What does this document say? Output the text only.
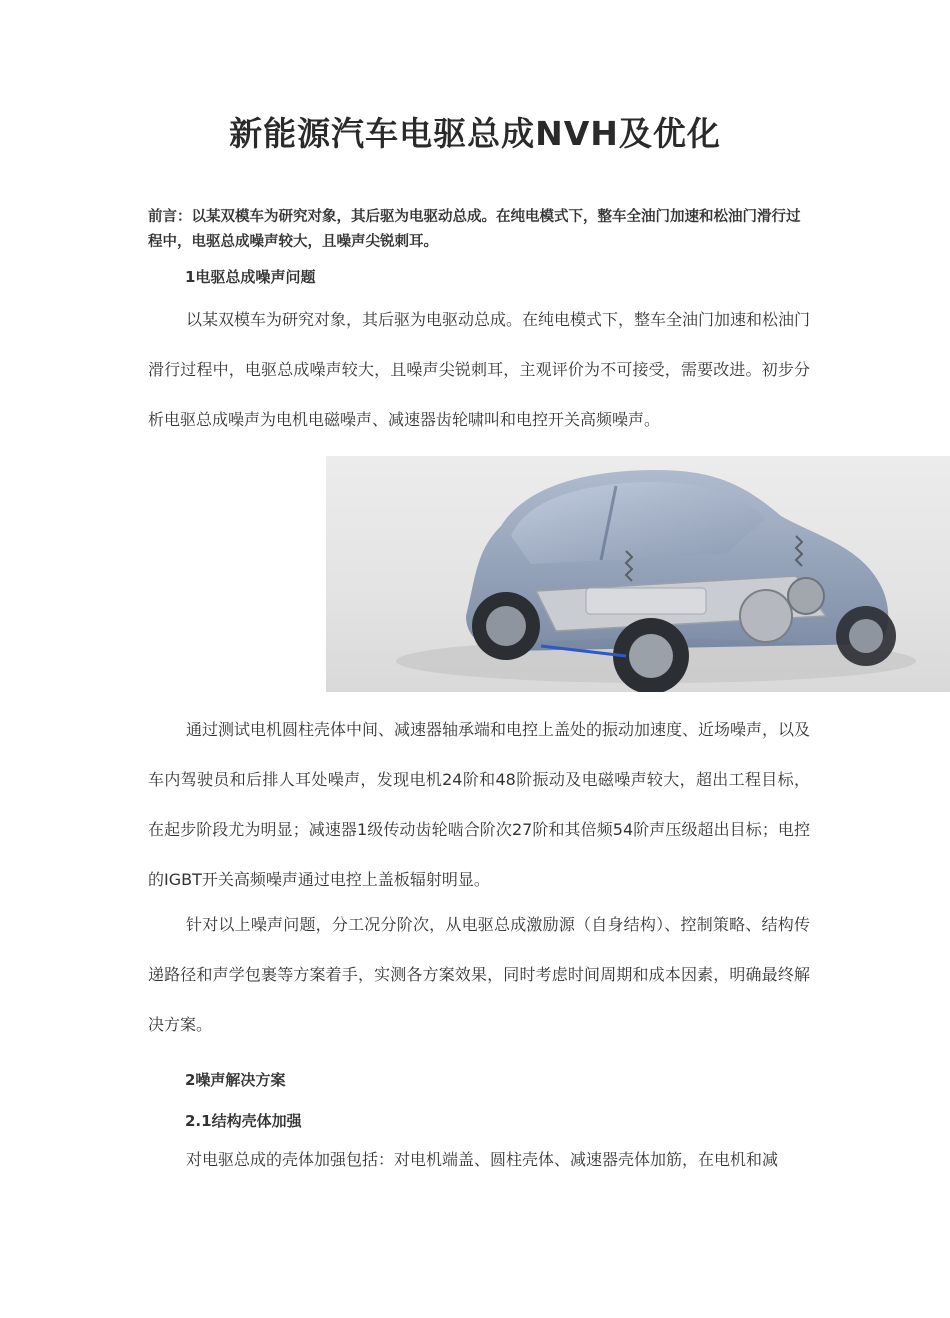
新能源汽车电驱总成NVH及优化

前言：以某双模车为研究对象，其后驱为电驱动总成。在纯电模式下，整车全油门加速和松油门滑行过程中，电驱总成噪声较大，且噪声尖锐刺耳。

1电驱总成噪声问题

以某双模车为研究对象，其后驱为电驱动总成。在纯电模式下，整车全油门加速和松油门滑行过程中，电驱总成噪声较大，且噪声尖锐刺耳，主观评价为不可接受，需要改进。初步分析电驱总成噪声为电机电磁噪声、减速器齿轮啸叫和电控开关高频噪声。

通过测试电机圆柱壳体中间、减速器轴承端和电控上盖处的振动加速度、近场噪声，以及车内驾驶员和后排人耳处噪声，发现电机24阶和48阶振动及电磁噪声较大，超出工程目标，在起步阶段尤为明显；减速器1级传动齿轮啮合阶次27阶和其倍频54阶声压级超出目标；电控的IGBT开关高频噪声通过电控上盖板辐射明显。

针对以上噪声问题，分工况分阶次，从电驱总成激励源（自身结构）、控制策略、结构传递路径和声学包裹等方案着手，实测各方案效果，同时考虑时间周期和成本因素，明确最终解决方案。

2噪声解决方案
2.1结构壳体加强

对电驱总成的壳体加强包括：对电机端盖、圆柱壳体、减速器壳体加筋，在电机和减
